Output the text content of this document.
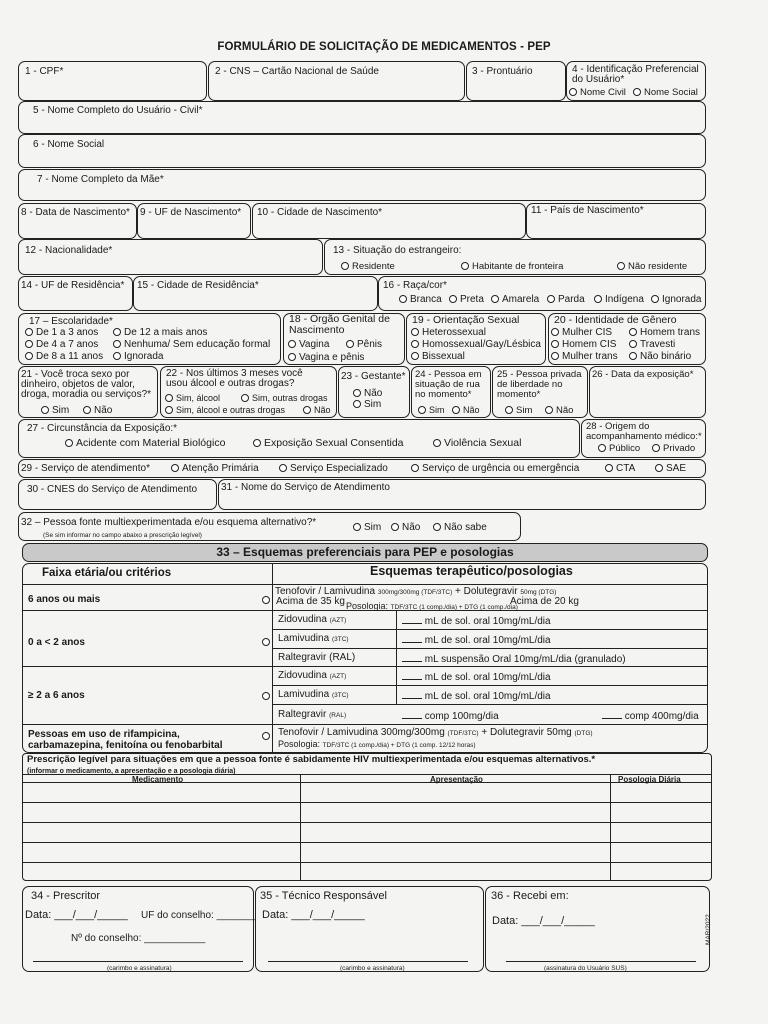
FORMULÁRIO DE SOLICITAÇÃO DE MEDICAMENTOS - PEP
1 - CPF*	2 - CNS – Cartão Nacional de Saúde	3 - Prontuário	4 - Identificação Preferencial
do Usuário*
Nome Civil	Nome Social
5 - Nome Completo do Usuário - Civil*
6 - Nome Social
7 - Nome Completo da Mãe*
8 - Data de Nascimento* 9 - UF de Nascimento* 10 - Cidade de Nascimento*	11 - País de Nascimento*
12 - Nacionalidade*	13 - Situação do estrangeiro:
Residente	Habitante de fronteira	Não residente
14 - UF de Residência* 15 - Cidade de Residência*	16 - Raça/cor*
Branca	Preta	Amarela	Parda	Indígena	Ignorada
17 – Escolaridade*
De 1 a 3 anos
De 4 a 7 anos
De 8 a 11 anos
De 12 a mais anos
Nenhuma/ Sem educação formal
Ignorada
18 - Órgão Genital de
Nascimento
Vagina	Pênis
Vagina e pênis
19 - Orientação Sexual
Heterossexual
Homossexual/Gay/Lésbica
Bissexual
20 - Identidade de Gênero
Mulher CIS	Homem trans
Homem CIS	Travesti
Mulher trans	Não binário
21 - Você troca sexo por
dinheiro, objetos de valor,
droga, moradia ou serviços?*
Sim	Não
22 - Nos últimos 3 meses você
usou álcool e outras drogas?
Sim, álcool	Sim, outras drogas
Sim, álcool e outras drogas	Não
23 - Gestante*
Não
Sim
24 - Pessoa em
situação de rua
no momento*
Sim	Não
25 - Pessoa privada
de liberdade no
momento*
Sim	Não
26 - Data da exposição*
27 - Circunstância da Exposição:*
Acidente com Material Biológico	Exposição Sexual Consentida	Violência Sexual
28 - Origem do
acompanhamento médico:*
Público	Privado
29 - Serviço de atendimento*	Atenção Primária	Serviço Especializado	Serviço de urgência ou emergência	CTA	SAE
30 - CNES do Serviço de Atendimento 31 - Nome do Serviço de Atendimento
32 – Pessoa fonte multiexperimentada e/ou esquema alternativo?*
(Se sim informar no campo abaixo a prescrição legível)
Sim	Não	Não sabe
33 – Esquemas preferenciais para PEP e posologias
Faixa etária/ou critérios	Esquemas terapêutico/posologias
6 anos ou mais
Tenofovir / Lamivudina 300mg/300mg (TDF/3TC) + Dolutegravir 50mg (DTG)
Acima de 35 kg	Acima de 20 kg
Posologia: TDF/3TC (1 comp./dia) + DTG (1 comp./dia)
0 a < 2 anos
Zidovudina (AZT)	mL de sol. oral 10mg/mL/dia
Lamivudina (3TC)	mL de sol. oral 10mg/mL/dia
Raltegravir (RAL)	mL suspensão Oral 10mg/mL/dia (granulado)
≥ 2 a 6 anos
Zidovudina (AZT)	mL de sol. oral 10mg/mL/dia
Lamivudina (3TC)	mL de sol. oral 10mg/mL/dia
Raltegravir (RAL)	comp 100mg/dia	comp 400mg/dia
Pessoas em uso de rifampicina,
carbamazepina, fenitoína ou fenobarbital
Tenofovir / Lamivudina 300mg/300mg (TDF/3TC) + Dolutegravir 50mg (DTG)
Posologia: TDF/3TC (1 comp./dia) + DTG (1 comp. 12/12 horas)
Prescrição legível para situações em que a pessoa fonte é sabidamente HIV multiexperimentada e/ou esquemas alternativos.*
(informar o medicamento, a apresentação e a posologia diária)
Medicamento	Apresentação	Posologia Diária
34 - Prescritor
Data: ___/___/_____ UF do conselho: _______
Nº do conselho: ___________
(carimbo e assinatura)
35 - Técnico Responsável
Data: ___/___/_____
(carimbo e assinatura)
36 - Recebi em:
Data: ___/___/_____
(assinatura do Usuário SUS)
MAR/2022
